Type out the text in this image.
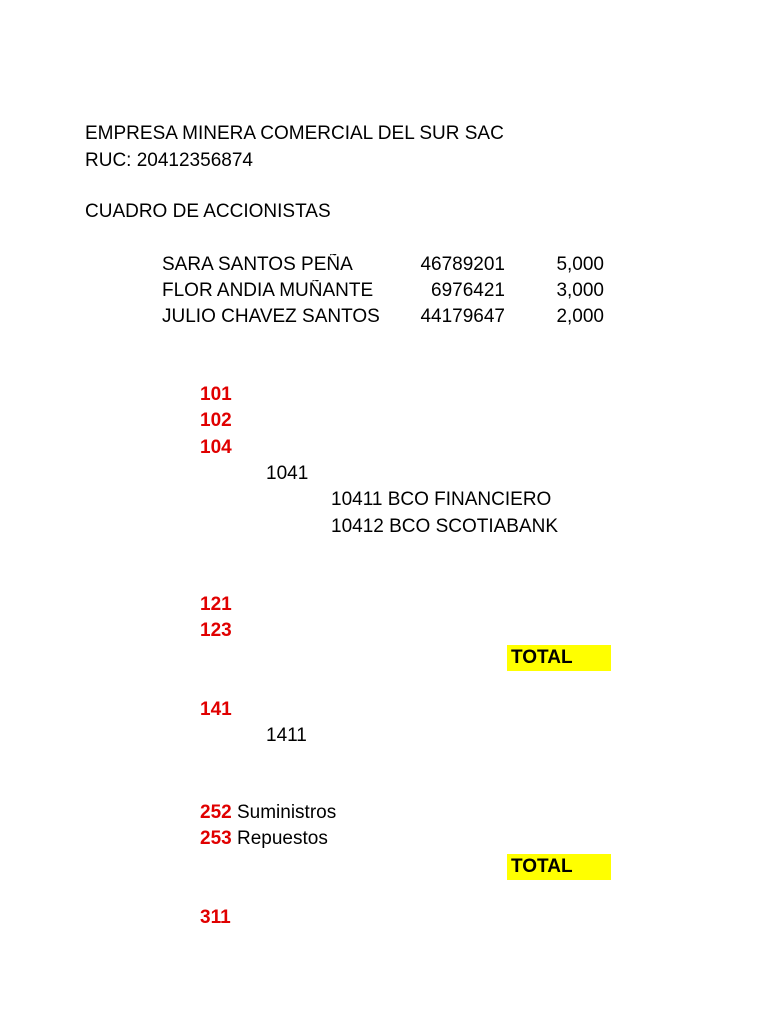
EMPRESA MINERA COMERCIAL DEL SUR SAC
RUC: 20412356874
CUADRO DE ACCIONISTAS
SARA SANTOS PEÑA	46789201	5,000
FLOR ANDIA MUÑANTE	6976421	3,000
JULIO CHAVEZ SANTOS	44179647	2,000
101
102
104
1041
10411 BCO FINANCIERO
10412 BCO SCOTIABANK
121
123
TOTAL
141
1411
252 Suministros
253 Repuestos
TOTAL
311
